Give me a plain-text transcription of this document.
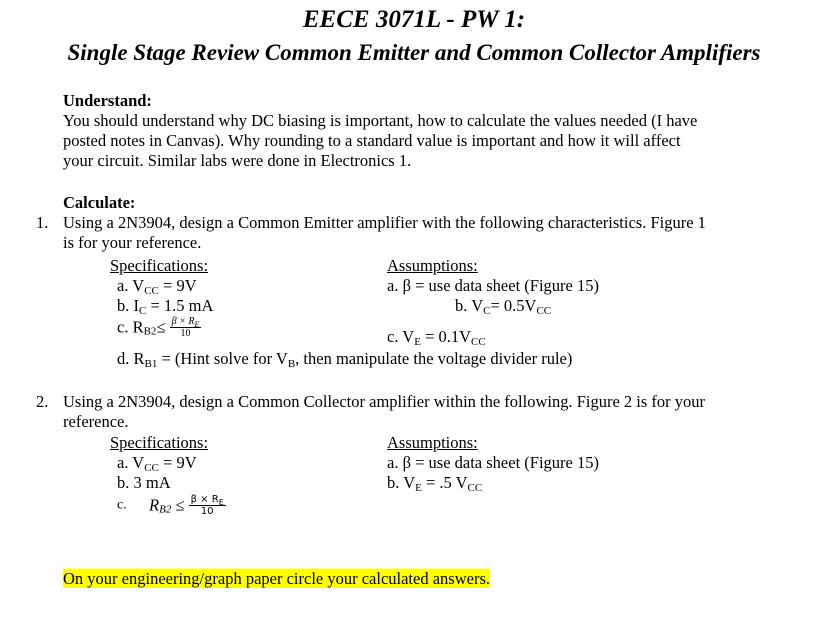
EECE 3071L - PW 1:
Single Stage Review Common Emitter and Common Collector Amplifiers
Understand:
You should understand why DC biasing is important, how to calculate the values needed (I have
posted notes in Canvas). Why rounding to a standard value is important and how it will affect
your circuit. Similar labs were done in Electronics 1.
Calculate:
1. Using a 2N3904, design a Common Emitter amplifier with the following characteristics. Figure 1
is for your reference.
Specifications:	Assumptions:
a. $V_{CC} = 9V$	a. β = use data sheet (Figure 15)
b. $I_C = 1.5$ mA	b. $V_C= 0.5V_{CC}$
c. $R_{B2}\le \frac{\beta \times R_E}{10}$	c. $V_E = 0.1V_{CC}$
d. $R_{B1}$ = (Hint solve for $V_B$, then manipulate the voltage divider rule)
2. Using a 2N3904, design a Common Collector amplifier within the following. Figure 2 is for your
reference.
Specifications:	Assumptions:
a. $V_{CC} = 9V$	a. β = use data sheet (Figure 15)
b. 3 mA	b. $V_E = .5$ $V_{CC}$
c. $R_{B2} \le \frac{\beta \times R_E}{10}$
On your engineering/graph paper circle your calculated answers.
